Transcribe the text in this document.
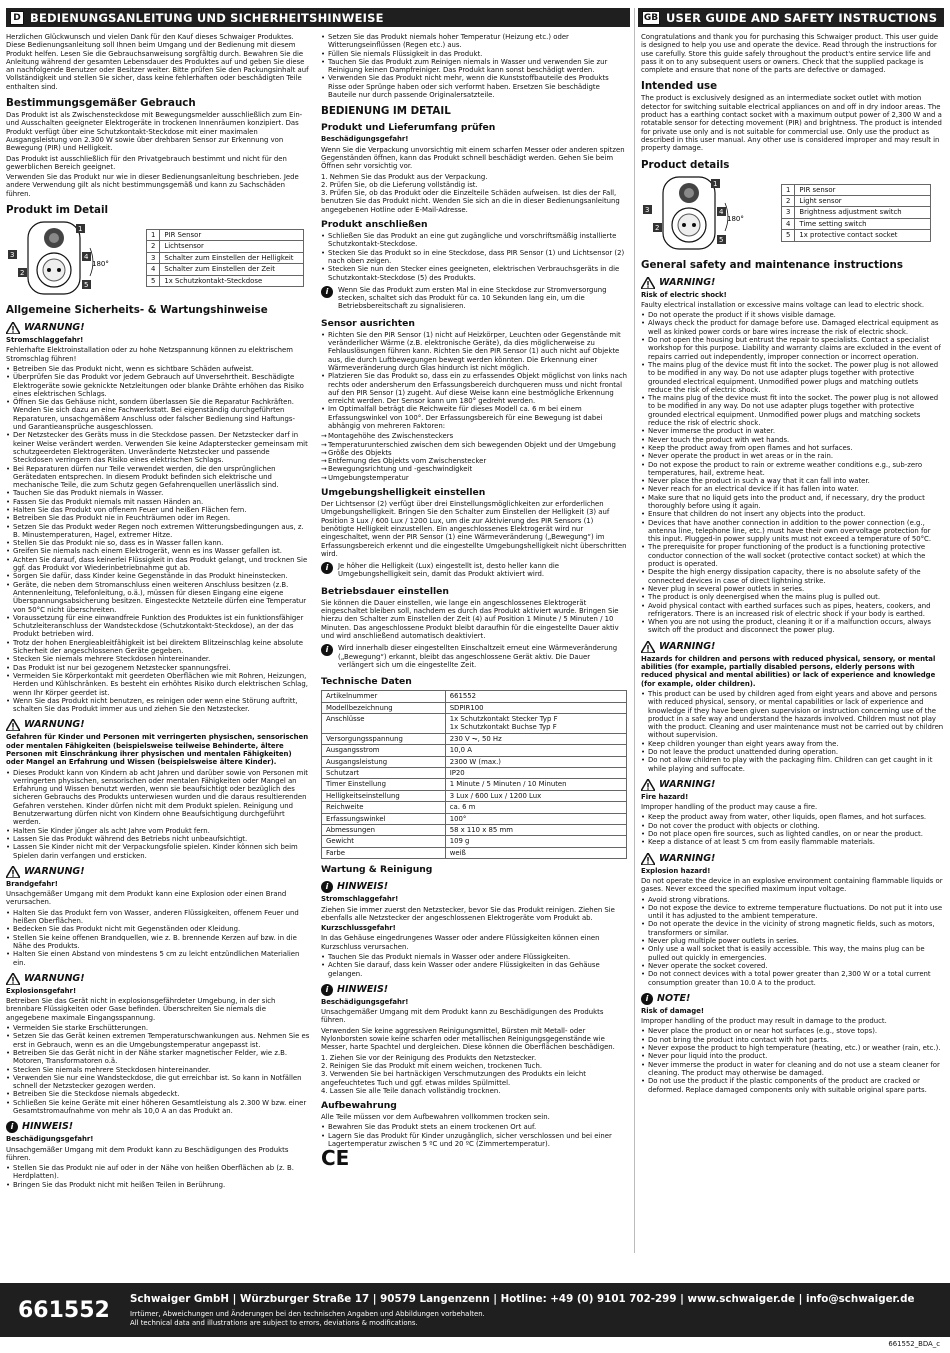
D BEDIENUNGSANLEITUNG UND SICHERHEITSHINWEISE	GB USER GUIDE AND SAFETY INSTRUCTIONS

Herzlichen Glückwunsch und vielen Dank für den Kauf dieses Schwaiger Produktes. Diese Bedienungsanleitung soll Ihnen beim Umgang und der Bedienung mit diesem Produkt helfen. Lesen Sie die Gebrauchsanweisung sorgfältig durch. Bewahren Sie die Anleitung während der gesamten Lebensdauer des Produktes auf und geben Sie diese an nachfolgende Benutzer oder Besitzer weiter. Bitte prüfen Sie den Packungsinhalt auf Vollständigkeit und stellen Sie sicher, dass keine fehlerhaften oder beschädigten Teile enthalten sind.

Bestimmungsgemäßer Gebrauch

Das Produkt ist als Zwischensteckdose mit Bewegungsmelder ausschließlich zum Ein- und Ausschalten geeigneter Elektrogeräte in trockenen Innenräumen konzipiert. Das Produkt verfügt über eine Schutzkontakt-Steckdose mit einer maximalen Ausgangsleistung von 2.300 W sowie über drehbaren Sensor zur Erkennung von Bewegung (PIR) und Helligkeit.

Das Produkt ist ausschließlich für den Privatgebrauch bestimmt und nicht für den gewerblichen Bereich geeignet.

Verwenden Sie das Produkt nur wie in dieser Bedienungsanleitung beschrieben. Jede andere Verwendung gilt als nicht bestimmungsgemäß und kann zu Sachschäden führen.

Produkt im Detail
180°
1
3
2
4
5
1	PIR Sensor
2	Lichtsensor
3	Schalter zum Einstellen der Helligkeit
4	Schalter zum Einstellen der Zeit
5	1x Schutzkontakt-Steckdose
Allgemeine Sicherheits- & Wartungshinweise
WARNUNG!

Stromschlaggefahr!

Fehlerhafte Elektroinstallation oder zu hohe Netzspannung können zu elektrischem Stromschlag führen!

• Betreiben Sie das Produkt nicht, wenn es sichtbare Schäden aufweist.
• Überprüfen Sie das Produkt vor jedem Gebrauch auf Unversehrtheit. Beschädigte Elektrogeräte sowie geknickte Netzleitungen oder blanke Drähte erhöhen das Risiko eines elektrischen Schlags.
• Öffnen Sie das Gehäuse nicht, sondern überlassen Sie die Reparatur Fachkräften. Wenden Sie sich dazu an eine Fachwerkstatt. Bei eigenständig durchgeführten Reparaturen, unsachgemäßem Anschluss oder falscher Bedienung sind Haftungs- und Garantieansprüche ausgeschlossen.
• Der Netzstecker des Geräts muss in die Steckdose passen. Der Netzstecker darf in keiner Weise verändert werden. Verwenden Sie keine Adapterstecker gemeinsam mit schutzgeerdeten Elektrogeräten. Unveränderte Netzstecker und passende Steckdosen verringern das Risiko eines elektrischen Schlags.
• Bei Reparaturen dürfen nur Teile verwendet werden, die den ursprünglichen Gerätedaten entsprechen. In diesem Produkt befinden sich elektrische und mechanische Teile, die zum Schutz gegen Gefahrenquellen unerlässlich sind.
• Tauchen Sie das Produkt niemals in Wasser.
• Fassen Sie das Produkt niemals mit nassen Händen an.
• Halten Sie das Produkt von offenem Feuer und heißen Flächen fern.
• Betreiben Sie das Produkt nie in Feuchträumen oder im Regen.
• Setzen Sie das Produkt weder Regen noch extremen Witterungsbedingungen aus, z. B. Minustemperaturen, Hagel, extremer Hitze.
• Stellen Sie das Produkt nie so, dass es in Wasser fallen kann.
• Greifen Sie niemals nach einem Elektrogerät, wenn es ins Wasser gefallen ist.
• Achten Sie darauf, dass keinerlei Flüssigkeit in das Produkt gelangt, und trocknen Sie ggf. das Produkt vor Wiederinbetriebnahme gut ab.
• Sorgen Sie dafür, dass Kinder keine Gegenstände in das Produkt hineinstecken.
• Geräte, die neben dem Stromanschluss einen weiteren Anschluss besitzen (z.B. Antennenleitung, Telefonleitung, o.ä.), müssen für diesen Eingang eine eigene Überspannungsabsicherung besitzen. Eingesteckte Netzteile dürfen eine Temperatur von 50°C nicht überschreiten.
• Voraussetzung für eine einwandfreie Funktion des Produktes ist ein funktionsfähiger Schutzleiteranschluss der Wandsteckdose (Schutzkontakt-Steckdose), an der das Produkt betrieben wird.
• Trotz der hohen Energieableitfähigkeit ist bei direktem Blitzeinschlag keine absolute Sicherheit der angeschlossenen Geräte gegeben.
• Stecken Sie niemals mehrere Steckdosen hintereinander.
• Das Produkt ist nur bei gezogenem Netzstecker spannungsfrei.
• Vermeiden Sie Körperkontakt mit geerdeten Oberflächen wie mit Rohren, Heizungen, Herden und Kühlschränken. Es besteht ein erhöhtes Risiko durch elektrischen Schlag, wenn Ihr Körper geerdet ist.
• Wenn Sie das Produkt nicht benutzen, es reinigen oder wenn eine Störung auftritt, schalten Sie das Produkt immer aus und ziehen Sie den Netzstecker.
WARNUNG!

Gefahren für Kinder und Personen mit verringerten physischen, sensorischen oder mentalen Fähigkeiten (beispielsweise teilweise Behinderte, ältere Personen mit Einschränkung ihrer physischen und mentalen Fähigkeiten) oder Mangel an Erfahrung und Wissen (beispielsweise ältere Kinder).

• Dieses Produkt kann von Kindern ab acht Jahren und darüber sowie von Personen mit verringerten physischen, sensorischen oder mentalen Fähigkeiten oder Mangel an Erfahrung und Wissen benutzt werden, wenn sie beaufsichtigt oder bezüglich des sicheren Gebrauchs des Produkts unterwiesen wurden und die daraus resultierenden Gefahren verstehen. Kinder dürfen nicht mit dem Produkt spielen. Reinigung und Benutzerwartung dürfen nicht von Kindern ohne Beaufsichtigung durchgeführt werden.
• Halten Sie Kinder jünger als acht Jahre vom Produkt fern.
• Lassen Sie das Produkt während des Betriebs nicht unbeaufsichtigt.
• Lassen Sie Kinder nicht mit der Verpackungsfolie spielen. Kinder können sich beim Spielen darin verfangen und ersticken.
WARNUNG!

Brandgefahr!

Unsachgemäßer Umgang mit dem Produkt kann eine Explosion oder einen Brand verursachen.

• Halten Sie das Produkt fern von Wasser, anderen Flüssigkeiten, offenem Feuer und heißen Oberflächen.
• Bedecken Sie das Produkt nicht mit Gegenständen oder Kleidung.
• Stellen Sie keine offenen Brandquellen, wie z. B. brennende Kerzen auf bzw. in die Nähe des Produkts.
• Halten Sie einen Abstand von mindestens 5 cm zu leicht entzündlichen Materialien ein.
WARNUNG!

Explosionsgefahr!

Betreiben Sie das Gerät nicht in explosionsgefährdeter Umgebung, in der sich brennbare Flüssigkeiten oder Gase befinden. Überschreiten Sie niemals die angegebene maximale Eingangsspannung.

• Vermeiden Sie starke Erschütterungen.
• Setzen Sie das Gerät keinen extremen Temperaturschwankungen aus. Nehmen Sie es erst in Gebrauch, wenn es an die Umgebungstemperatur angepasst ist.
• Betreiben Sie das Gerät nicht in der Nähe starker magnetischer Felder, wie z.B. Motoren, Transformatoren o.ä.
• Stecken Sie niemals mehrere Steckdosen hintereinander.
• Verwenden Sie nur eine Wandsteckdose, die gut erreichbar ist. So kann in Notfällen schnell der Netzstecker gezogen werden.
• Betreiben Sie die Steckdose niemals abgedeckt.
• Schließen Sie keine Geräte mit einer höheren Gesamtleistung als 2.300 W bzw. einer Gesamtstromaufnahme von mehr als 10,0 A an das Produkt an.
i HINWEIS!

Beschädigungsgefahr!

Unsachgemäßer Umgang mit dem Produkt kann zu Beschädigungen des Produkts führen.

• Stellen Sie das Produkt nie auf oder in der Nähe von heißen Oberflächen ab (z. B. Herdplatten).
• Bringen Sie das Produkt nicht mit heißen Teilen in Berührung.
• Setzen Sie das Produkt niemals hoher Temperatur (Heizung etc.) oder Witterungseinflüssen (Regen etc.) aus.
• Füllen Sie niemals Flüssigkeit in das Produkt.
• Tauchen Sie das Produkt zum Reinigen niemals in Wasser und verwenden Sie zur Reinigung keinen Dampfreiniger. Das Produkt kann sonst beschädigt werden.
• Verwenden Sie das Produkt nicht mehr, wenn die Kunststoffbauteile des Produkts Risse oder Sprünge haben oder sich verformt haben. Ersetzen Sie beschädigte Bauteile nur durch passende Originalersatzteile.
BEDIENUNG IM DETAIL
Produkt und Lieferumfang prüfen

Beschädigungsgefahr!

Wenn Sie die Verpackung unvorsichtig mit einem scharfen Messer oder anderen spitzen Gegenständen öffnen, kann das Produkt schnell beschädigt werden. Gehen Sie beim Öffnen sehr vorsichtig vor.

1. Nehmen Sie das Produkt aus der Verpackung.
2. Prüfen Sie, ob die Lieferung vollständig ist.
3. Prüfen Sie, ob das Produkt oder die Einzelteile Schäden aufweisen. Ist dies der Fall, benutzen Sie das Produkt nicht. Wenden Sie sich an die in dieser Bedienungsanleitung angegebenen Hotline oder E-Mail-Adresse.
Produkt anschließen
• Schließen Sie das Produkt an eine gut zugängliche und vorschriftsmäßig installierte Schutzkontakt-Steckdose.
• Stecken Sie das Produkt so in eine Steckdose, dass PIR Sensor (1) und Lichtsensor (2) nach oben zeigen.
• Stecken Sie nun den Stecker eines geeigneten, elektrischen Verbrauchsgeräts in die Schutzkontakt-Steckdose (5) des Produkts.
i	Wenn Sie das Produkt zum ersten Mal in eine Steckdose zur Stromversorgung stecken, schaltet sich das Produkt für ca. 10 Sekunden lang ein, um die Betriebsbereitschaft zu signalisieren.

Sensor ausrichten
• Richten Sie den PIR Sensor (1) nicht auf Heizkörper, Leuchten oder Gegenstände mit veränderlicher Wärme (z.B. elektronische Geräte), da dies möglicherweise zu Fehlauslösungen führen kann. Richten Sie den PIR Sensor (1) auch nicht auf Objekte aus, die durch Luftbewegungen bewegt werden könnten. Die Erkennung einer Wärmeveränderung durch Glas hindurch ist nicht möglich.
• Platzieren Sie das Produkt so, dass ein zu erfassendes Objekt möglichst von links nach rechts oder andersherum den Erfassungsbereich durchqueren muss und nicht frontal auf den PIR Sensor (1) zugeht. Auf diese Weise kann eine bestmögliche Erkennung erreicht werden. Der Sensor kann um 180° gedreht werden.
• Im Optimalfall beträgt die Reichweite für dieses Modell ca. 6 m bei einem Erfassungswinkel von 100°. Der Erfassungsbereich für eine Bewegung ist dabei abhängig von mehreren Faktoren:
→ Montagehöhe des Zwischensteckers
→ Temperaturunterschied zwischen dem sich bewegenden Objekt und der Umgebung
→ Größe des Objekts
→ Entfernung des Objekts vom Zwischenstecker
→ Bewegungsrichtung und -geschwindigkeit
→ Umgebungstemperatur
Umgebungshelligkeit einstellen

Der Lichtsensor (2) verfügt über drei Einstellungsmöglichkeiten zur erforderlichen Umgebungshelligkeit. Bringen Sie den Schalter zum Einstellen der Helligkeit (3) auf Position 3 Lux / 600 Lux / 1200 Lux, um die zur Aktivierung des PIR Sensors (1) benötigte Helligkeit einzustellen. Ein angeschlossenes Elektrogerät wird nur eingeschaltet, wenn der PIR Sensor (1) eine Wärmeveränderung („Bewegung“) im Erfassungsbereich erkennt und die eingestellte Umgebungshelligkeit nicht überschritten wird.

i	Je höher die Helligkeit (Lux) eingestellt ist, desto heller kann die Umgebungshelligkeit sein, damit das Produkt aktiviert wird.

Betriebsdauer einstellen

Sie können die Dauer einstellen, wie lange ein angeschlossenes Elektrogerät eingeschaltet bleiben soll, nachdem es durch das Produkt aktiviert wurde. Bringen Sie hierzu den Schalter zum Einstellen der Zeit (4) auf Position 1 Minute / 5 Minuten / 10 Minuten. Das angeschlossene Produkt bleibt daraufhin für die eingestellte Dauer aktiv und wird anschließend automatisch deaktiviert.

i	Wird innerhalb dieser eingestellten Einschaltzeit erneut eine Wärmeveränderung („Bewegung“) erkannt, bleibt das angeschlossene Gerät aktiv. Die Dauer verlängert sich um die eingestellte Zeit.

Technische Daten
Artikelnummer	661552
Modellbezeichnung	SDPIR100
Anschlüsse	1x Schutzkontakt Stecker Typ F
1x Schutzkontakt Buchse Typ F
Versorgungsspannung	230 V ⏦, 50 Hz
Ausgangsstrom	10,0 A
Ausgangsleistung	2300 W (max.)
Schutzart	IP20
Timer Einstellung	1 Minute / 5 Minuten / 10 Minuten
Helligkeitseinstellung	3 Lux / 600 Lux / 1200 Lux
Reichweite	ca. 6 m
Erfassungswinkel	100°
Abmessungen	58 x 110 x 85 mm
Gewicht	109 g
Farbe	weiß
Wartung & Reinigung
i HINWEIS!

Stromschlaggefahr!

Ziehen Sie immer zuerst den Netzstecker, bevor Sie das Produkt reinigen. Ziehen Sie ebenfalls alle Netzstecker der angeschlossenen Elektrogeräte vom Produkt ab.

Kurzschlussgefahr!

In das Gehäuse eingedrungenes Wasser oder andere Flüssigkeiten können einen Kurzschluss verursachen.

• Tauchen Sie das Produkt niemals in Wasser oder andere Flüssigkeiten.
• Achten Sie darauf, dass kein Wasser oder andere Flüssigkeiten in das Gehäuse gelangen.
i HINWEIS!

Beschädigungsgefahr!

Unsachgemäßer Umgang mit dem Produkt kann zu Beschädigungen des Produkts führen.

Verwenden Sie keine aggressiven Reinigungsmittel, Bürsten mit Metall- oder Nylonborsten sowie keine scharfen oder metallischen Reinigungsgegenstände wie Messer, harte Spachtel und dergleichen. Diese können die Oberflächen beschädigen.

1. Ziehen Sie vor der Reinigung des Produkts den Netzstecker.
2. Reinigen Sie das Produkt mit einem weichen, trockenen Tuch.
3. Verwenden Sie bei hartnäckigen Verschmutzungen des Produkts ein leicht angefeuchtetes Tuch und ggf. etwas mildes Spülmittel.
4. Lassen Sie alle Teile danach vollständig trocknen.
Aufbewahrung

Alle Teile müssen vor dem Aufbewahren vollkommen trocken sein.

• Bewahren Sie das Produkt stets an einem trockenen Ort auf.
• Lagern Sie das Produkt für Kinder unzugänglich, sicher verschlossen und bei einer Lagertemperatur zwischen 5 ºC und 20 ºC (Zimmertemperatur).
CE

Congratulations and thank you for purchasing this Schwaiger product. This user guide is designed to help you use and operate the device. Read through the instructions for use carefully. Store this guide safely throughout the product's entire service life and pass it on to any subsequent users or owners. Check that the supplied package is complete and ensure that none of the parts are defective or damaged.

Intended use

The product is exclusively designed as an intermediate socket outlet with motion detector for switching suitable electrical appliances on and off in dry indoor areas. The product has a earthing contact socket with a maximum output power of 2,300 W and a rotatable sensor for detecting movement (PIR) and brightness. The product is intended for private use only and is not suitable for commercial use. Only use the product as described in this user manual. Any other use is considered improper and may result in property damage.

Product details
180°
1
3
2
4
5
1	PIR sensor
2	Light sensor
3	Brightness adjustment switch
4	Time setting switch
5	1x protective contact socket
General safety and maintenance instructions
WARNING!

Risk of electric shock!

Faulty electrical installation or excessive mains voltage can lead to electric shock.

• Do not operate the product if it shows visible damage.
• Always check the product for damage before use. Damaged electrical equipment as well as kinked power cords or bare wires increase the risk of electric shock.
• Do not open the housing but entrust the repair to specialists. Contact a specialist workshop for this purpose. Liability and warranty claims are excluded in the event of repairs carried out independently, improper connection or incorrect operation.
• The mains plug of the device must fit into the socket. The power plug is not allowed to be modified in any way. Do not use adapter plugs together with protective grounded electrical equipment. Unmodified power plugs and matching outlets reduce the risk of electric shock.
• The mains plug of the device must fit into the socket. The power plug is not allowed to be modified in any way. Do not use adapter plugs together with protective grounded electrical equipment. Unmodified power plugs and matching sockets reduce the risk of electric shock.
• Never immerse the product in water.
• Never touch the product with wet hands.
• Keep the product away from open flames and hot surfaces.
• Never operate the product in wet areas or in the rain.
• Do not expose the product to rain or extreme weather conditions e.g., sub-zero temperatures, hail, extreme heat.
• Never place the product in such a way that it can fall into water.
• Never reach for an electrical device if it has fallen into water.
• Make sure that no liquid gets into the product and, if necessary, dry the product thoroughly before using it again.
• Ensure that children do not insert any objects into the product.
• Devices that have another connection in addition to the power connection (e.g., antenna line, telephone line, etc.) must have their own overvoltage protection for this input. Plugged-in power supply units must not exceed a temperature of 50°C.
• The prerequisite for proper functioning of the product is a functioning protective conductor connection of the wall socket (protective contact socket) at which the product is operated.
• Despite the high energy dissipation capacity, there is no absolute safety of the connected devices in case of direct lightning strike.
• Never plug in several power outlets in series.
• The product is only deenergised when the mains plug is pulled out.
• Avoid physical contact with earthed surfaces such as pipes, heaters, cookers, and refrigerators. There is an increased risk of electric shock if your body is earthed.
• When you are not using the product, cleaning it or if a malfunction occurs, always switch off the product and disconnect the power plug.
WARNING!

Hazards for children and persons with reduced physical, sensory, or mental abilities (for example, partially disabled persons, elderly persons with reduced physical and mental abilities) or lack of experience and knowledge (for example, older children).

• This product can be used by children aged from eight years and above and persons with reduced physical, sensory, or mental capabilities or lack of experience and knowledge if they have been given supervision or instruction concerning use of the product in a safe way and understand the hazards involved. Children must not play with the product. Cleaning and user maintenance must not be carried out by children without supervision.
• Keep children younger than eight years away from the.
• Do not leave the product unattended during operation.
• Do not allow children to play with the packaging film. Children can get caught in it while playing and suffocate.
WARNING!

Fire hazard!

Improper handling of the product may cause a fire.

• Keep the product away from water, other liquids, open flames, and hot surfaces.
• Do not cover the product with objects or clothing.
• Do not place open fire sources, such as lighted candles, on or near the product.
• Keep a distance of at least 5 cm from easily flammable materials.
WARNING!

Explosion hazard!

Do not operate the device in an explosive environment containing flammable liquids or gases. Never exceed the specified maximum input voltage.

• Avoid strong vibrations.
• Do not expose the device to extreme temperature fluctuations. Do not put it into use until it has adjusted to the ambient temperature.
• Do not operate the device in the vicinity of strong magnetic fields, such as motors, transformers or similar.
• Never plug multiple power outlets in series.
• Only use a wall socket that is easily accessible. This way, the mains plug can be pulled out quickly in emergencies.
• Never operate the socket covered.
• Do not connect devices with a total power greater than 2,300 W or a total current consumption greater than 10.0 A to the product.
i NOTE!

Risk of damage!

Improper handling of the product may result in damage to the product.

• Never place the product on or near hot surfaces (e.g., stove tops).
• Do not bring the product into contact with hot parts.
• Never expose the product to high temperature (heating, etc.) or weather (rain, etc.).
• Never pour liquid into the product.
• Never immerse the product in water for cleaning and do not use a steam cleaner for cleaning. The product may otherwise be damaged.
• Do not use the product if the plastic components of the product are cracked or deformed. Replace damaged components only with suitable original spare parts.
661552	Schwaiger GmbH | Würzburger Straße 17 | 90579 Langenzenn | Hotline: +49 (0) 9101 702-299 | www.schwaiger.de | info@schwaiger.de
Irrtümer, Abweichungen und Änderungen bei den technischen Angaben und Abbildungen vorbehalten.
All technical data and illustrations are subject to errors, deviations & modifications.
661552_BDA_c
